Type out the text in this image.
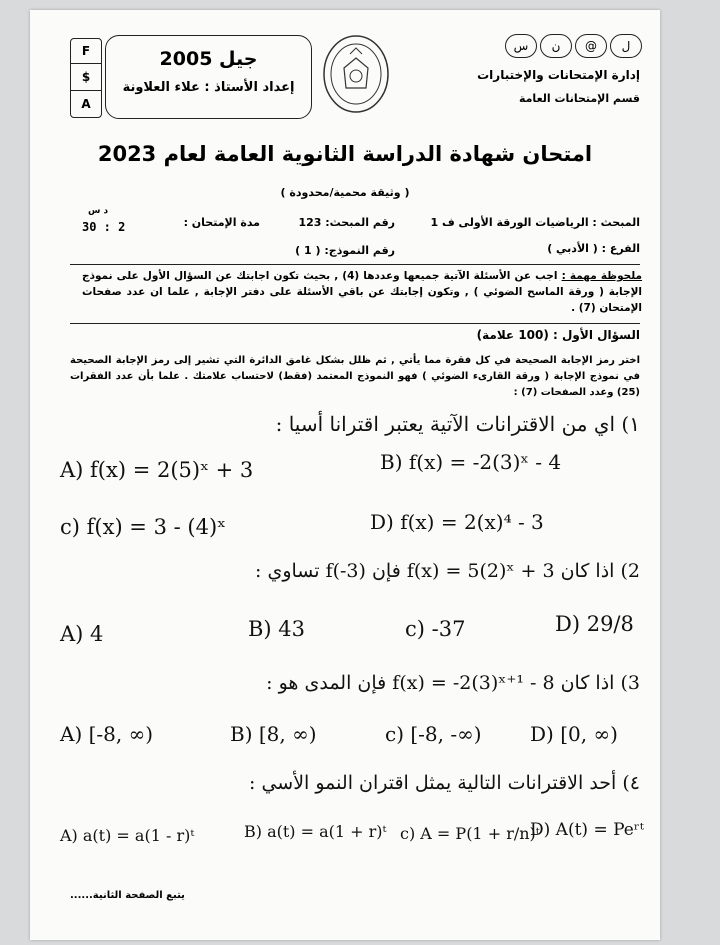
F
$
A
جيل 2005
إعداد الأستاذ : علاء العلاونة
ل
@
ن
س
إدارة الإمتحانات والإختبارات
قسم الإمتحانات العامة
امتحان شهادة الدراسة الثانوية العامة لعام 2023
( وثيقة محمية/محدودة )
المبحث : الرياضيات الورقة الأولى ف 1
رقم المبحث: 123
مدة الإمتحان :
د س
30 : 2
الفرع : ( الأدبي )
رقم النموذج: ( 1 )
ملحوظة مهمة : اجب عن الأسئلة الآتية جميعها وعددها (4) , بحيث تكون اجابتك عن السؤال الأول على نموذج الإجابة ( ورقة الماسح الضوئي ) , وتكون إجابتك عن باقي الأسئلة على دفتر الإجابة , علما ان عدد صفحات الإمتحان (7) .
السؤال الأول : (100 علامة)
اختر رمز الإجابة الصحيحة في كل فقرة مما يأتي , ثم ظلل بشكل غامق الدائرة التي تشير إلى رمز الإجابة الصحيحة في نموذج الإجابة ( ورقة القارىء الضوئي ) فهو النموذج المعتمد (فقط) لاحتساب علامتك . علما بأن عدد الفقرات (25) وعدد الصفحات (7) :
١) اي من الاقترانات الآتية يعتبر اقترانا أسيا :
A) f(x) = 2(5)ˣ + 3	B) f(x) = -2(3)ˣ - 4
c) f(x) = 3 - (4)ˣ	D) f(x) = 2(x)⁴ - 3
2) اذا كان f(x) = 5(2)ˣ + 3 فإن f(-3) تساوي :
A) 4	B) 43	c) -37	D) 29/8
3) اذا كان f(x) = -2(3)ˣ⁺¹ - 8 فإن المدى هو :
A) [-8, ∞)	B) [8, ∞)	c) [-8, -∞) D) [0, ∞)
٤) أحد الاقترانات التالية يمثل اقتران النمو الأسي :
A) a(t) = a(1 - r)ᵗ	B) a(t) = a(1 + r)ᵗ c) A = P(1 + r/n)ᵗ
D) A(t) = Peʳᵗ
يتبع الصفحة الثانية......
